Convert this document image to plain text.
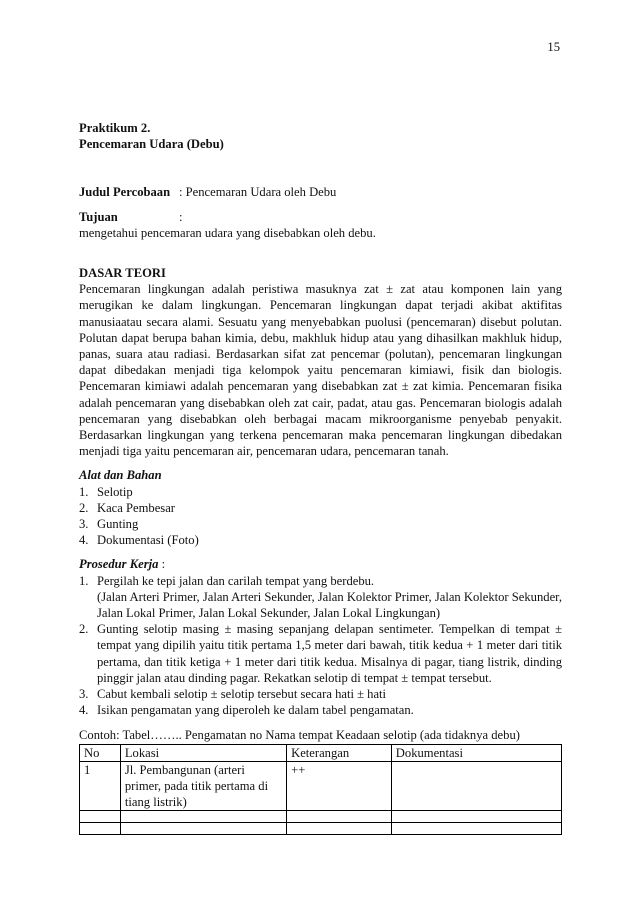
15

Praktikum 2.

Pencemaran Udara (Debu)

Judul Percobaan : Pencemaran Udara oleh Debu
Tujuan	:

mengetahui pencemaran udara yang disebabkan oleh debu.

DASAR TEORI

Pencemaran lingkungan adalah peristiwa masuknya zat ± zat atau komponen lain yang merugikan ke dalam lingkungan. Pencemaran lingkungan dapat terjadi akibat aktifitas manusiaatau secara alami. Sesuatu yang menyebabkan puolusi (pencemaran) disebut polutan. Polutan dapat berupa bahan kimia, debu, makhluk hidup atau yang dihasilkan makhluk hidup, panas, suara atau radiasi. Berdasarkan sifat zat pencemar (polutan), pencemaran lingkungan dapat dibedakan menjadi tiga kelompok yaitu pencemaran kimiawi, fisik dan biologis. Pencemaran kimiawi adalah pencemaran yang disebabkan zat ± zat kimia. Pencemaran fisika adalah pencemaran yang disebabkan oleh zat cair, padat, atau gas. Pencemaran biologis adalah pencemaran yang disebabkan oleh berbagai macam mikroorganisme penyebab penyakit. Berdasarkan lingkungan yang terkena pencemaran maka pencemaran lingkungan dibedakan menjadi tiga yaitu pencemaran air, pencemaran udara, pencemaran tanah.

Alat dan Bahan

1. Selotip
2. Kaca Pembesar
3. Gunting
4. Dokumentasi (Foto)

Prosedur Kerja :

1. Pergilah ke tepi jalan dan carilah tempat yang berdebu.
(Jalan Arteri Primer, Jalan Arteri Sekunder, Jalan Kolektor Primer, Jalan Kolektor Sekunder, Jalan Lokal Primer, Jalan Lokal Sekunder, Jalan Lokal Lingkungan)
2. Gunting selotip masing ± masing sepanjang delapan sentimeter. Tempelkan di tempat ± tempat yang dipilih yaitu titik pertama 1,5 meter dari bawah, titik kedua + 1 meter dari titik pertama, dan titik ketiga + 1 meter dari titik kedua. Misalnya di pagar, tiang listrik, dinding pinggir jalan atau dinding pagar. Rekatkan selotip di tempat ± tempat tersebut.
3. Cabut kembali selotip ± selotip tersebut secara hati ± hati
4. Isikan pengamatan yang diperoleh ke dalam tabel pengamatan.

Contoh: Tabel…….. Pengamatan no Nama tempat Keadaan selotip (ada tidaknya debu)

No	Lokasi	Keterangan	Dokumentasi
1	Jl. Pembangunan (arteri primer, pada titik pertama di tiang listrik)	++	
